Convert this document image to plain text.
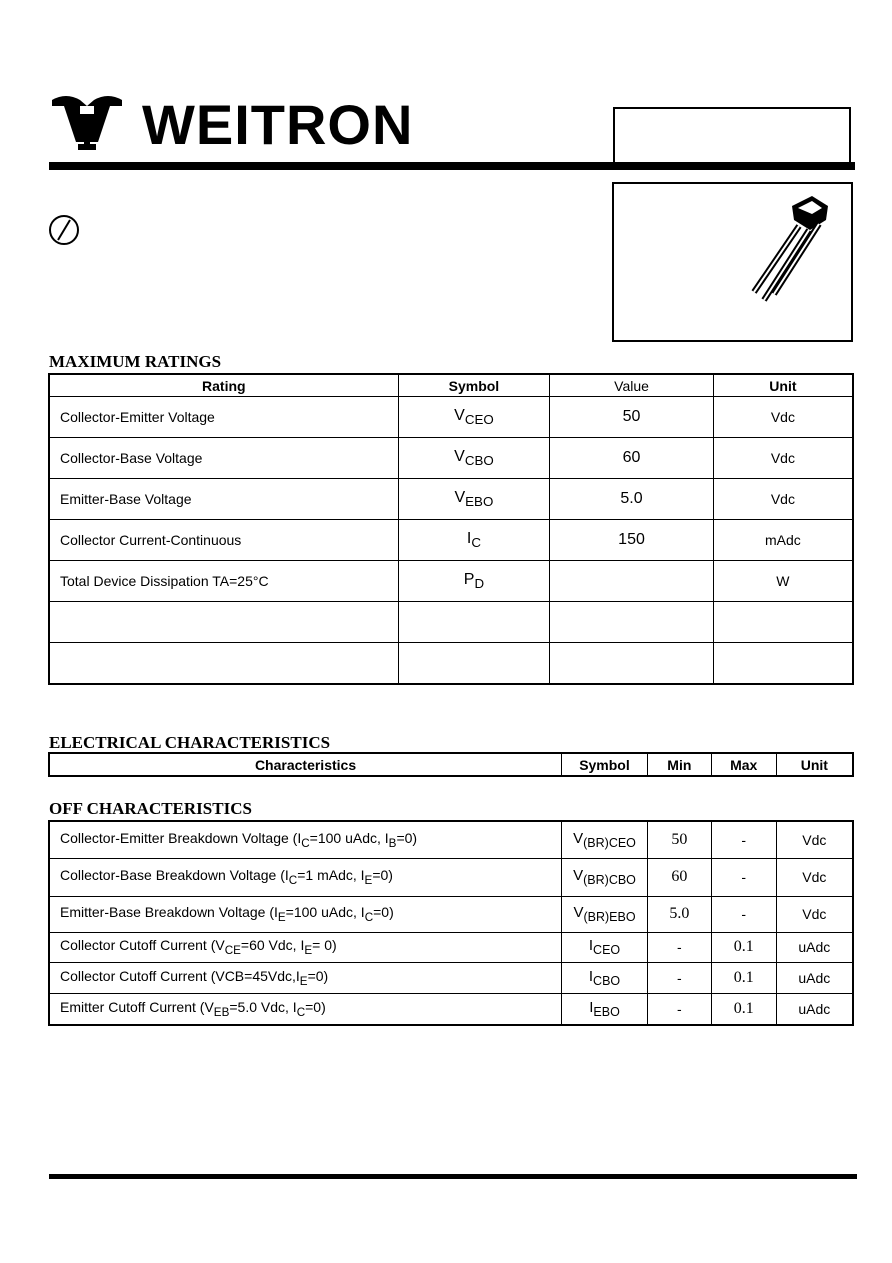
WEITRON
MAXIMUM RATINGS
Rating	Symbol	Value	Unit
Collector-Emitter Voltage	$V_{CEO}$	50	Vdc
Collector-Base Voltage	$V_{CBO}$	60	Vdc
Emitter-Base Voltage	$V_{EBO}$	5.0	Vdc
Collector Current-Continuous	$I_C$	150	mAdc
Total Device Dissipation TA=25°C	$P_D$		W

ELECTRICAL CHARACTERISTICS
Characteristics	Symbol	Min	Max	Unit
OFF CHARACTERISTICS
Collector-Emitter Breakdown Voltage ($I_C=100$ uAdc, $I_B=0$)	$V_{(BR)CEO}$	50	-	Vdc
Collector-Base Breakdown Voltage ($I_C=1$ mAdc, $I_E=0$)	$V_{(BR)CBO}$	60	-	Vdc
Emitter-Base Breakdown Voltage ($I_E=100$ uAdc, $I_C=0$)	$V_{(BR)EBO}$	5.0	-	Vdc
Collector Cutoff Current ($V_{CE}=60$ Vdc, $I_E= 0$)	$I_{CEO}$	-	0.1	uAdc
Collector Cutoff Current $(VCB=45Vdc,I_E=0)$	$I_{CBO}$	-	0.1	uAdc
Emitter Cutoff Current ($V_{EB}=5.0$ Vdc, $I_C=0$)	$I_{EBO}$	-	0.1	uAdc
